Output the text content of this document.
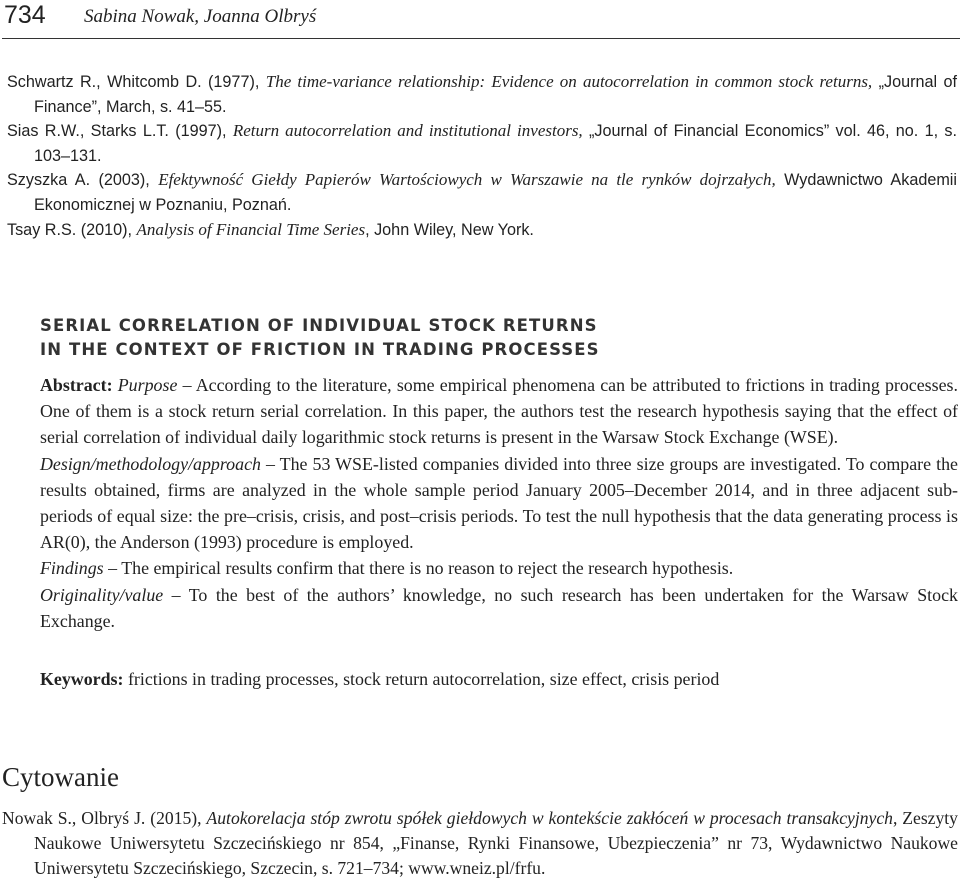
734 Sabina Nowak, Joanna Olbryś

Schwartz R., Whitcomb D. (1977), The time-variance relationship: Evidence on autocorrelation in common stock returns, „Journal of Finance”, March, s. 41–55.

Sias R.W., Starks L.T. (1997), Return autocorrelation and institutional investors, „Journal of Financial Economics” vol. 46, no. 1, s. 103–131.

Szyszka A. (2003), Efektywność Giełdy Papierów Wartościowych w Warszawie na tle rynków dojrzałych, Wydawnictwo Akademii Ekonomicznej w Poznaniu, Poznań.

Tsay R.S. (2010), Analysis of Financial Time Series, John Wiley, New York.

SERIAL CORRELATION OF INDIVIDUAL STOCK RETURNS
IN THE CONTEXT OF FRICTION IN TRADING PROCESSES

Abstract: Purpose – According to the literature, some empirical phenomena can be attributed to frictions in trading processes. One of them is a stock return serial correlation. In this paper, the authors test the research hypothesis saying that the effect of serial correlation of individual daily logarithmic stock returns is present in the Warsaw Stock Exchange (WSE).

Design/methodology/approach – The 53 WSE-listed companies divided into three size groups are investigated. To compare the results obtained, firms are analyzed in the whole sample period January 2005–December 2014, and in three adjacent sub-periods of equal size: the pre–crisis, crisis, and post–crisis periods. To test the null hypothesis that the data generating process is AR(0), the Anderson (1993) procedure is employed.

Findings – The empirical results confirm that there is no reason to reject the research hypothesis.

Originality/value – To the best of the authors’ knowledge, no such research has been undertaken for the Warsaw Stock Exchange.

Keywords: frictions in trading processes, stock return autocorrelation, size effect, crisis period
Cytowanie
Nowak S., Olbryś J. (2015), Autokorelacja stóp zwrotu spółek giełdowych w kontekście zakłóceń w procesach transakcyjnych, Zeszyty Naukowe Uniwersytetu Szczecińskiego nr 854, „Finanse, Rynki Finansowe, Ubezpieczenia” nr 73, Wydawnictwo Naukowe Uniwersytetu Szczecińskiego, Szczecin, s. 721–734; www.wneiz.pl/frfu.
